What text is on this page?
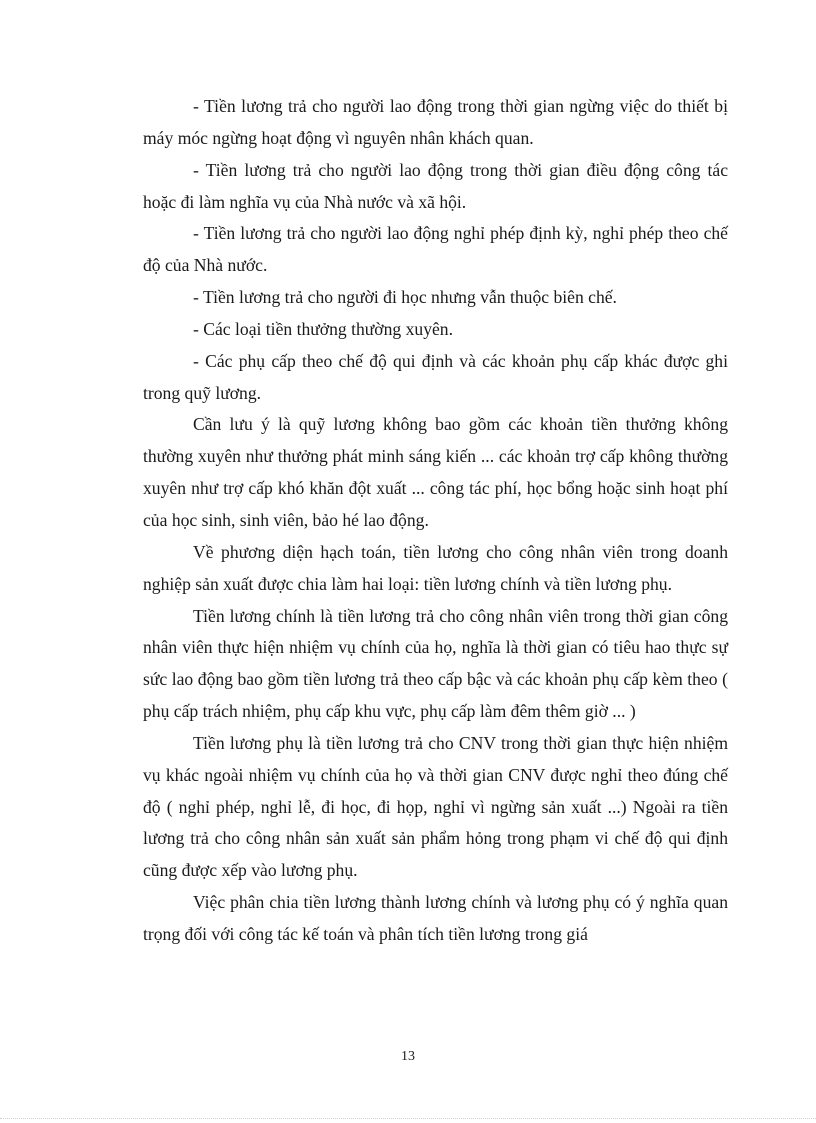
- Tiền lương trả cho người lao động trong thời gian ngừng việc do thiết bị máy móc ngừng hoạt động vì nguyên nhân khách quan.

- Tiền lương trả cho người lao động trong thời gian điều động công tác hoặc đi làm nghĩa vụ của Nhà nước và xã hội.

- Tiền lương trả cho người lao động nghỉ phép định kỳ, nghỉ phép theo chế độ của Nhà nước.

- Tiền lương trả cho người đi học nhưng vẫn thuộc biên chế.

- Các loại tiền thưởng thường xuyên.

- Các phụ cấp theo chế độ qui định và các khoản phụ cấp khác được ghi trong quỹ lương.

Cần lưu ý là quỹ lương không bao gồm các khoản tiền thưởng không thường xuyên như thưởng phát minh sáng kiến ... các khoản trợ cấp không thường xuyên như trợ cấp khó khăn đột xuất ... công tác phí, học bổng hoặc sinh hoạt phí của học sinh, sinh viên, bảo hé lao động.

Về phương diện hạch toán, tiền lương cho công nhân viên trong doanh nghiệp sản xuất được chia làm hai loại: tiền lương chính và tiền lương phụ.

Tiền lương chính là tiền lương trả cho công nhân viên trong thời gian công nhân viên thực hiện nhiệm vụ chính của họ, nghĩa là thời gian có tiêu hao thực sự sức lao động bao gồm tiền lương trả theo cấp bậc và các khoản phụ cấp kèm theo ( phụ cấp trách nhiệm, phụ cấp khu vực, phụ cấp làm đêm thêm giờ ... )

Tiền lương phụ là tiền lương trả cho CNV trong thời gian thực hiện nhiệm vụ khác ngoài nhiệm vụ chính của họ và thời gian CNV được nghỉ theo đúng chế độ ( nghỉ phép, nghỉ lễ, đi học, đi họp, nghỉ vì ngừng sản xuất ...) Ngoài ra tiền lương trả cho công nhân sản xuất sản phẩm hỏng trong phạm vi chế độ qui định cũng được xếp vào lương phụ.

Việc phân chia tiền lương thành lương chính và lương phụ có ý nghĩa quan trọng đối với công tác kế toán và phân tích tiền lương trong giá

13
